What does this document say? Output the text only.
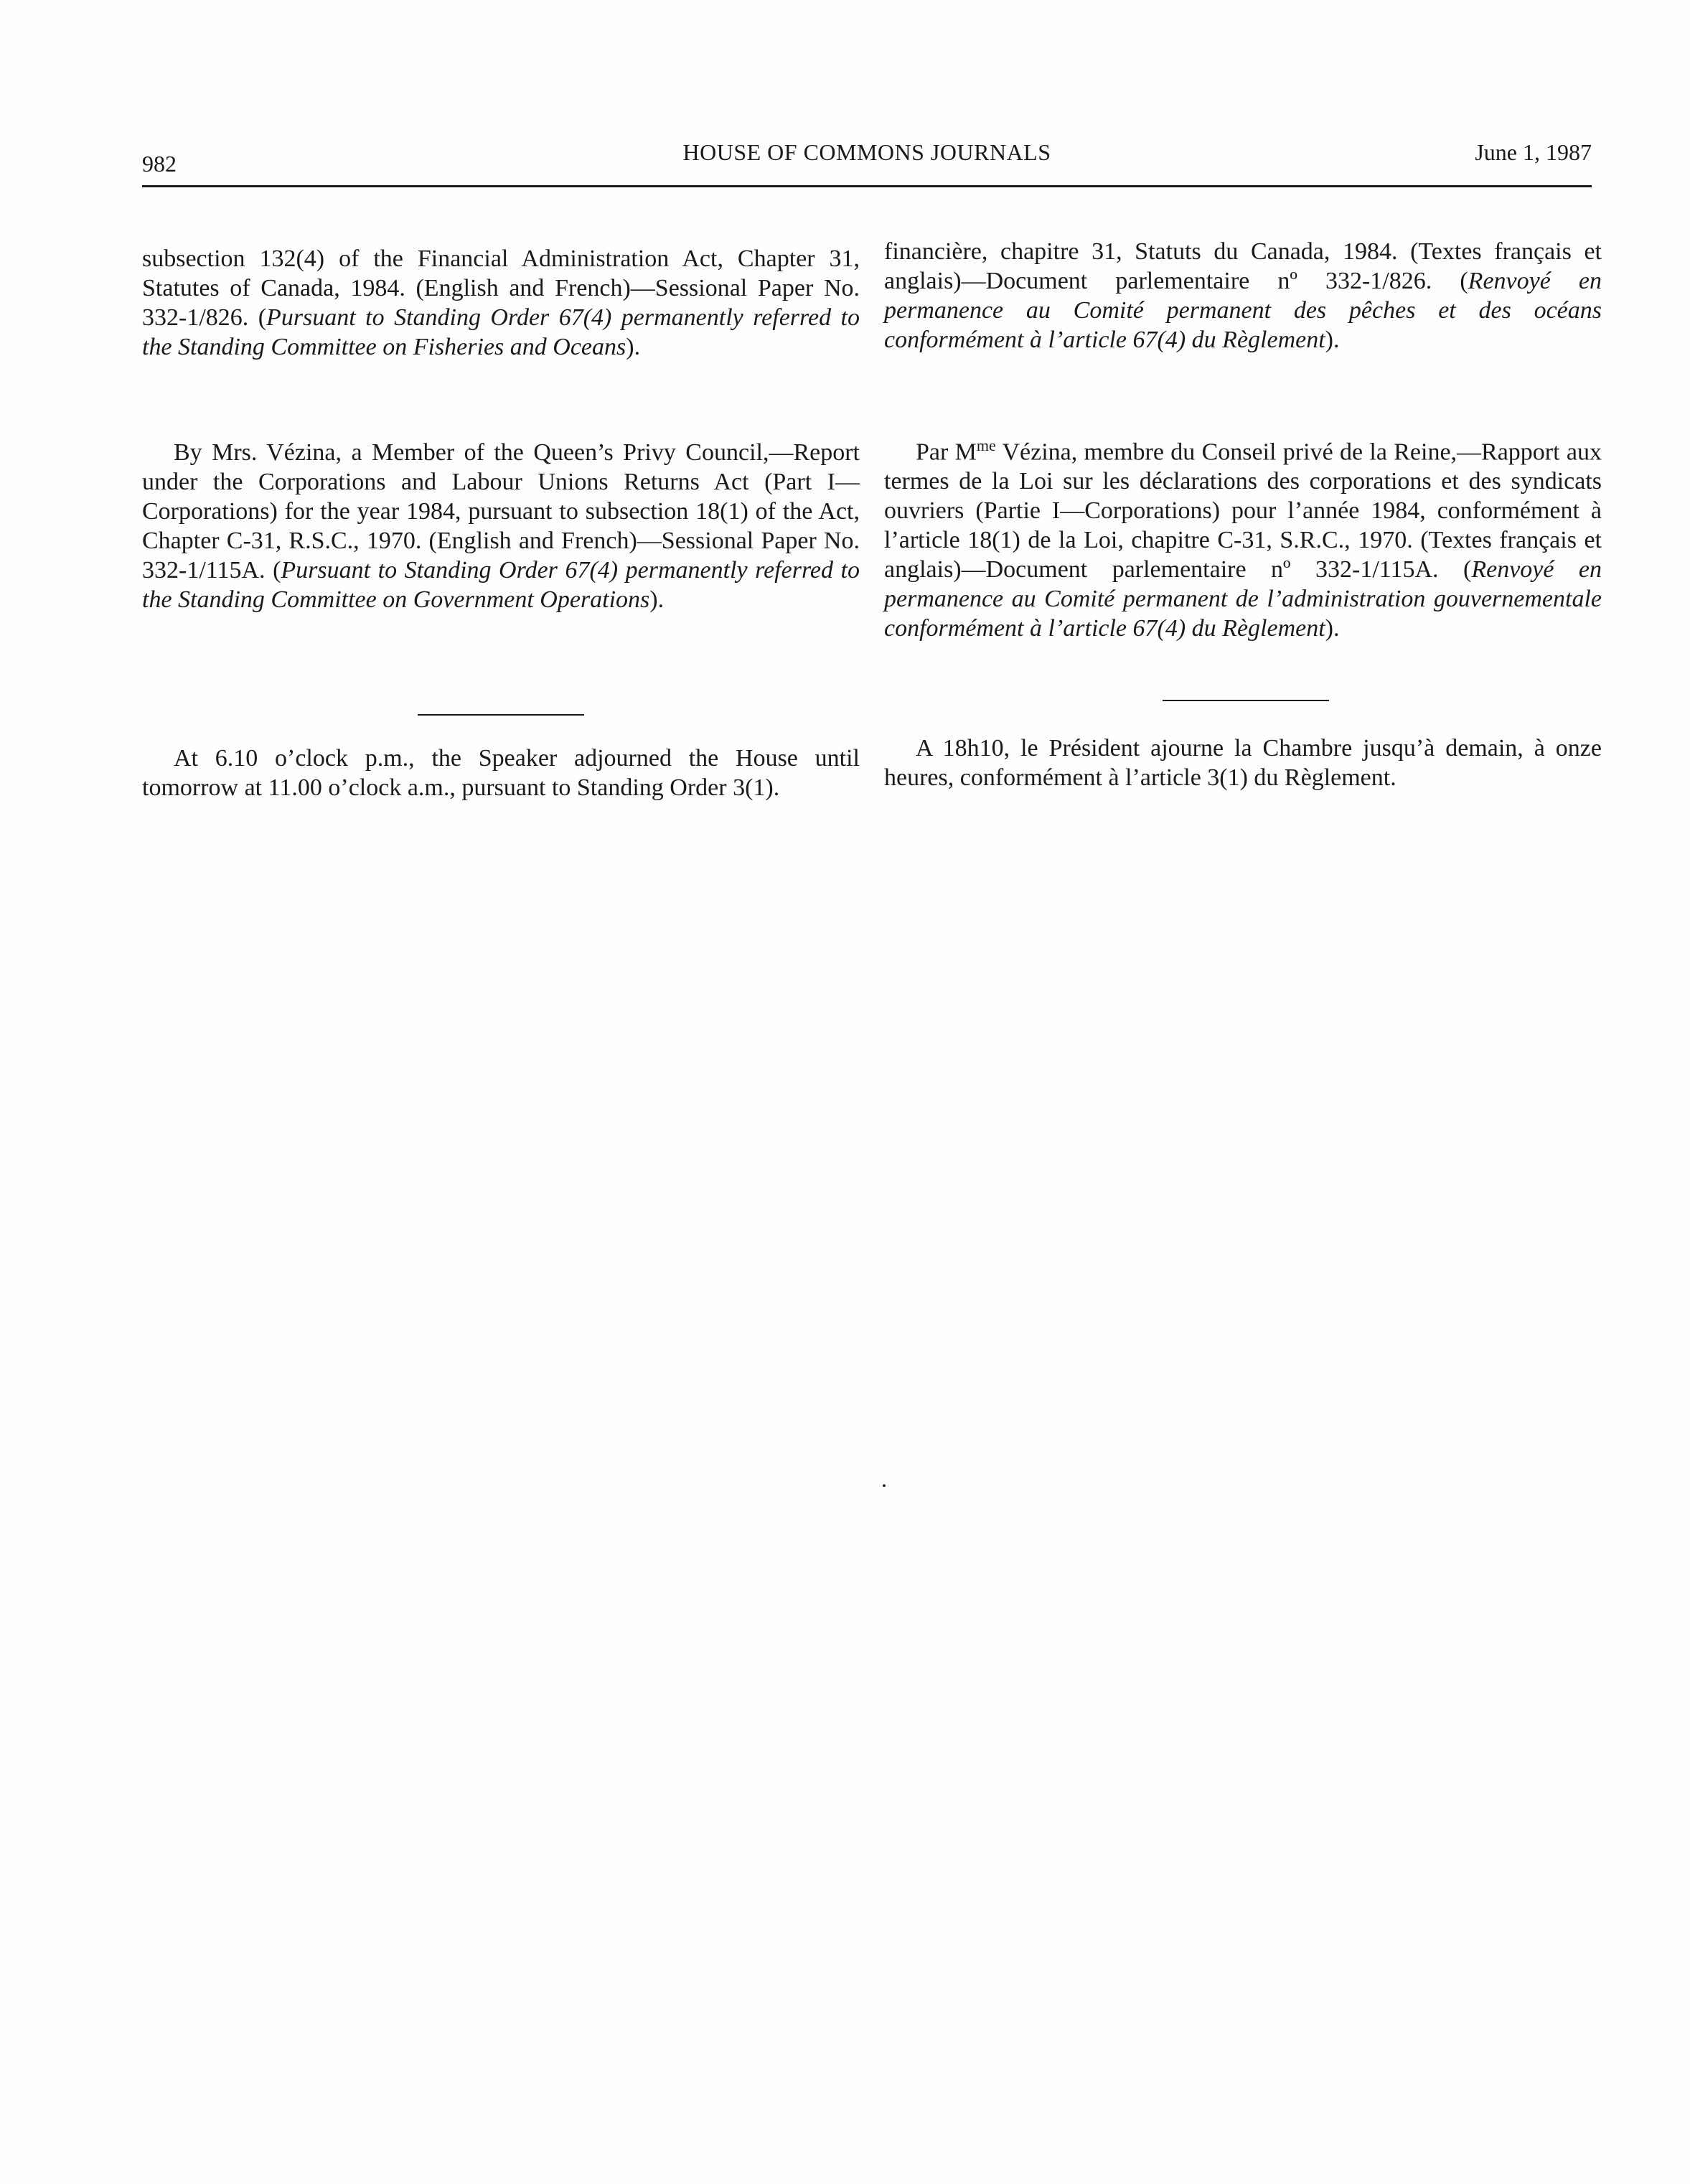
982	HOUSE OF COMMONS JOURNALS	June 1, 1987

subsection 132(4) of the Financial Administration Act, Chapter 31, Statutes of Canada, 1984. (English and French)—Sessional Paper No. 332-1/826. (Pursuant to Standing Order 67(4) permanently referred to the Standing Committee on Fisheries and Oceans).

By Mrs. Vézina, a Member of the Queen’s Privy Council,—Report under the Corporations and Labour Unions Returns Act (Part I—Corporations) for the year 1984, pursuant to subsection 18(1) of the Act, Chapter C-31, R.S.C., 1970. (English and French)—Sessional Paper No. 332-1/115A. (Pursuant to Standing Order 67(4) permanently referred to the Standing Committee on Government Operations).

At 6.10 o’clock p.m., the Speaker adjourned the House until tomorrow at 11.00 o’clock a.m., pursuant to Standing Order 3(1).

financière, chapitre 31, Statuts du Canada, 1984. (Textes français et anglais)—Document parlementaire nº 332-1/826. (Renvoyé en permanence au Comité permanent des pêches et des océans conformément à l’article 67(4) du Règlement).

Par $M^{me}$ Vézina, membre du Conseil privé de la Reine,—Rapport aux termes de la Loi sur les déclarations des corporations et des syndicats ouvriers (Partie I—Corporations) pour l’année 1984, conformément à l’article 18(1) de la Loi, chapitre C-31, S.R.C., 1970. (Textes français et anglais)—Document parlementaire nº 332-1/115A. (Renvoyé en permanence au Comité permanent de l’administration gouvernementale conformément à l’article 67(4) du Règlement).

A 18h10, le Président ajourne la Chambre jusqu’à demain, à onze heures, conformément à l’article 3(1) du Règlement.
